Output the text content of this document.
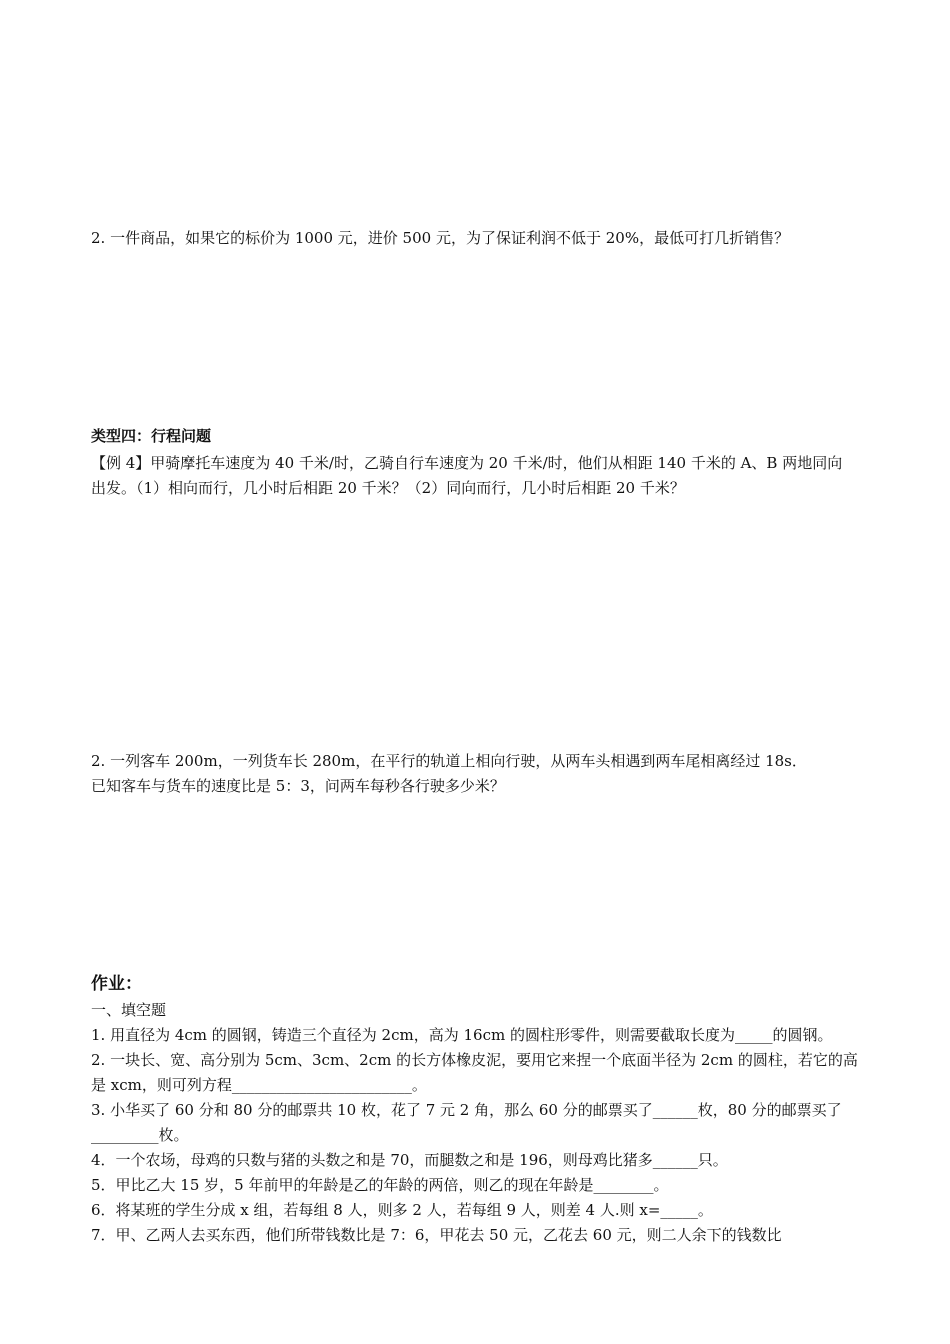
2. 一件商品，如果它的标价为 1000 元，进价 500 元，为了保证利润不低于 20%，最低可打几折销售？
类型四：行程问题
【例 4】甲骑摩托车速度为 40 千米/时，乙骑自行车速度为 20 千米/时，他们从相距 140 千米的 A、B 两地同向
出发。（1）相向而行，几小时后相距 20 千米？（2）同向而行，几小时后相距 20 千米？
2. 一列客车 200m，一列货车长 280m，在平行的轨道上相向行驶，从两车头相遇到两车尾相离经过 18s．
已知客车与货车的速度比是 5：3，问两车每秒各行驶多少米？
作业：
一、填空题
1. 用直径为 4cm 的圆钢，铸造三个直径为 2cm，高为 16cm 的圆柱形零件，则需要截取长度为_____的圆钢。
2. 一块长、宽、高分别为 5cm、3cm、2cm 的长方体橡皮泥，要用它来捏一个底面半径为 2cm 的圆柱，若它的高
是 xcm，则可列方程________________________。
3. 小华买了 60 分和 80 分的邮票共 10 枚，花了 7 元 2 角，那么 60 分的邮票买了______枚，80 分的邮票买了
_________枚。
4．一个农场，母鸡的只数与猪的头数之和是 70，而腿数之和是 196，则母鸡比猪多______只。
5．甲比乙大 15 岁，5 年前甲的年龄是乙的年龄的两倍，则乙的现在年龄是________。
6．将某班的学生分成 x 组，若每组 8 人，则多 2 人，若每组 9 人，则差 4 人.则 x=_____。
7．甲、乙两人去买东西，他们所带钱数比是 7：6，甲花去 50 元，乙花去 60 元，则二人余下的钱数比
